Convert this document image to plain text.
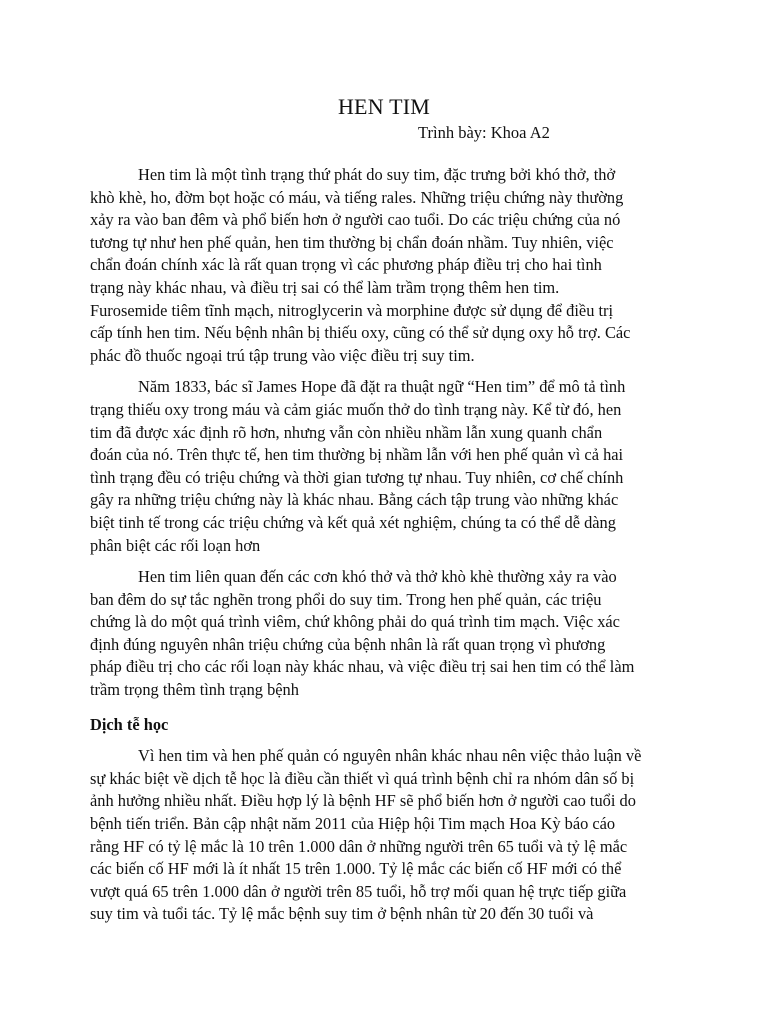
HEN TIM

Trình bày: Khoa A2

Hen tim là một tình trạng thứ phát do suy tim, đặc trưng bởi khó thở, thở
khò khè, ho, đờm bọt hoặc có máu, và tiếng rales. Những triệu chứng này thường
xảy ra vào ban đêm và phổ biến hơn ở người cao tuổi. Do các triệu chứng của nó
tương tự như hen phế quản, hen tim thường bị chẩn đoán nhầm. Tuy nhiên, việc
chẩn đoán chính xác là rất quan trọng vì các phương pháp điều trị cho hai tình
trạng này khác nhau, và điều trị sai có thể làm trầm trọng thêm hen tim.
Furosemide tiêm tĩnh mạch, nitroglycerin và morphine được sử dụng để điều trị
cấp tính hen tim. Nếu bệnh nhân bị thiếu oxy, cũng có thể sử dụng oxy hỗ trợ. Các
phác đồ thuốc ngoại trú tập trung vào việc điều trị suy tim.

Năm 1833, bác sĩ James Hope đã đặt ra thuật ngữ “Hen tim” để mô tả tình
trạng thiếu oxy trong máu và cảm giác muốn thở do tình trạng này. Kể từ đó, hen
tim đã được xác định rõ hơn, nhưng vẫn còn nhiều nhầm lẫn xung quanh chẩn
đoán của nó. Trên thực tế, hen tim thường bị nhầm lẫn với hen phế quản vì cả hai
tình trạng đều có triệu chứng và thời gian tương tự nhau. Tuy nhiên, cơ chế chính
gây ra những triệu chứng này là khác nhau. Bằng cách tập trung vào những khác
biệt tinh tế trong các triệu chứng và kết quả xét nghiệm, chúng ta có thể dễ dàng
phân biệt các rối loạn hơn

Hen tim liên quan đến các cơn khó thở và thở khò khè thường xảy ra vào
ban đêm do sự tắc nghẽn trong phổi do suy tim. Trong hen phế quản, các triệu
chứng là do một quá trình viêm, chứ không phải do quá trình tim mạch. Việc xác
định đúng nguyên nhân triệu chứng của bệnh nhân là rất quan trọng vì phương
pháp điều trị cho các rối loạn này khác nhau, và việc điều trị sai hen tim có thể làm
trầm trọng thêm tình trạng bệnh

Dịch tễ học

Vì hen tim và hen phế quản có nguyên nhân khác nhau nên việc thảo luận về
sự khác biệt về dịch tễ học là điều cần thiết vì quá trình bệnh chỉ ra nhóm dân số bị
ảnh hưởng nhiều nhất. Điều hợp lý là bệnh HF sẽ phổ biến hơn ở người cao tuổi do
bệnh tiến triển. Bản cập nhật năm 2011 của Hiệp hội Tim mạch Hoa Kỳ báo cáo
rằng HF có tỷ lệ mắc là 10 trên 1.000 dân ở những người trên 65 tuổi và tỷ lệ mắc
các biến cố HF mới là ít nhất 15 trên 1.000. Tỷ lệ mắc các biến cố HF mới có thể
vượt quá 65 trên 1.000 dân ở người trên 85 tuổi, hỗ trợ mối quan hệ trực tiếp giữa
suy tim và tuổi tác. Tỷ lệ mắc bệnh suy tim ở bệnh nhân từ 20 đến 30 tuổi và
